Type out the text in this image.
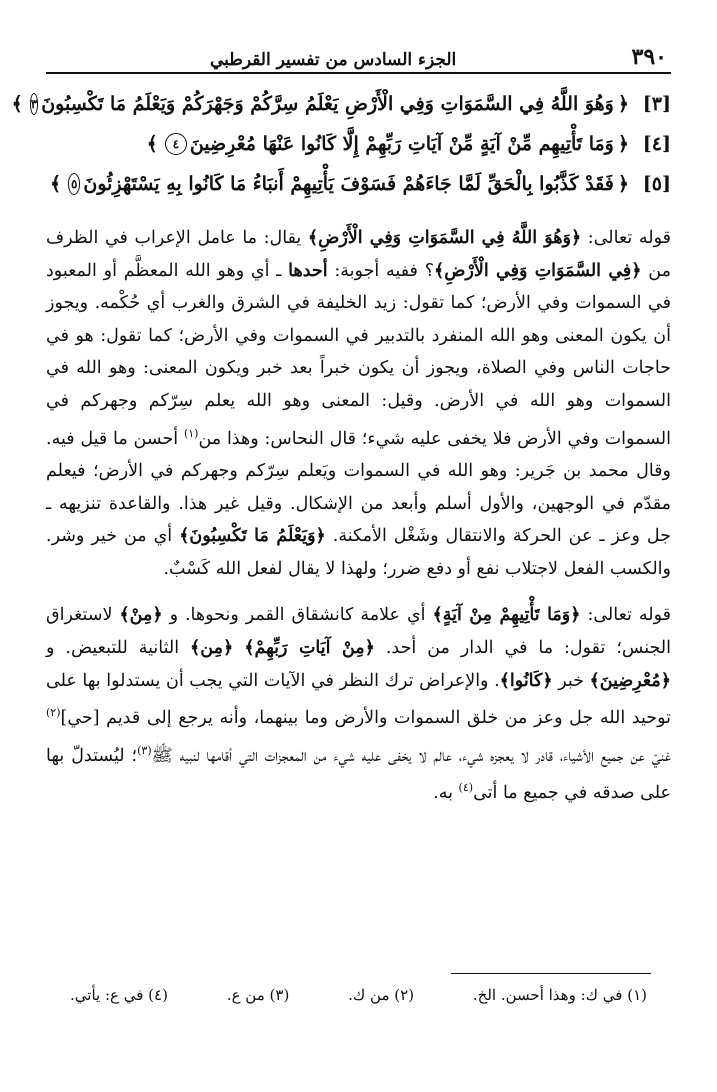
٣٩٠
الجزء السادس من تفسير القرطبي
[٣]
﴿
وَهُوَ اللَّهُ فِي السَّمَوَاتِ وَفِي الْأَرْضِ يَعْلَمُ سِرَّكُمْ وَجَهْرَكُمْ وَيَعْلَمُ مَا تَكْسِبُونَ
٣
﴾
[٤]
﴿
وَمَا تَأْتِيهِم مِّنْ آيَةٍ مِّنْ آيَاتِ رَبِّهِمْ إِلَّا كَانُوا عَنْهَا مُعْرِضِينَ
٤
﴾
[٥]
﴿
فَقَدْ كَذَّبُوا بِالْحَقِّ لَمَّا جَاءَهُمْ فَسَوْفَ يَأْتِيهِمْ أَنبَاءُ مَا كَانُوا بِهِ يَسْتَهْزِئُونَ
٥
﴾

قوله تعالى: ﴿وَهُوَ اللَّهُ فِي السَّمَوَاتِ وَفِي الْأَرْضِ﴾ يقال: ما عامل الإعراب في الظرف من ﴿فِي السَّمَوَاتِ وَفِي الْأَرْضِ﴾؟ ففيه أجوبة: أحدها ـ أي وهو الله المعظَّم أو المعبود في السموات وفي الأرض؛ كما تقول: زيد الخليفة في الشرق والغرب أي حُكْمه. ويجوز أن يكون المعنى وهو الله المنفرد بالتدبير في السموات وفي الأرض؛ كما تقول: هو في حاجات الناس وفي الصلاة، ويجوز أن يكون خبراً بعد خبر ويكون المعنى: وهو الله في السموات وهو الله في الأرض. وقيل: المعنى وهو الله يعلم سِرّكم وجهركم في السموات وفي الأرض فلا يخفى عليه شيء؛ قال النحاس: وهذا من$^{(١)}$ أحسن ما قيل فيه. وقال محمد بن جَرير: وهو الله في السموات ويَعلم سِرّكم وجهركم في الأرض؛ فيعلم مقدّم في الوجهين، والأول أسلم وأبعد من الإشكال. وقيل غير هذا. والقاعدة تنزيهه ـ جل وعز ـ عن الحركة والانتقال وشَغْل الأمكنة. ﴿وَيَعْلَمُ مَا تَكْسِبُونَ﴾ أي من خير وشر. والكسب الفعل لاجتلاب نفع أو دفع ضرر؛ ولهذا لا يقال لفعل الله كَسْبٌ.

قوله تعالى: ﴿وَمَا تَأْتِيهِمْ مِنْ آيَةٍ﴾ أي علامة كانشقاق القمر ونحوها. و ﴿مِنْ﴾ لاستغراق الجنس؛ تقول: ما في الدار من أحد. ﴿مِنْ آيَاتِ رَبِّهِمْ﴾ ﴿مِن﴾ الثانية للتبعيض. و ﴿مُعْرِضِينَ﴾ خبر ﴿كَانُوا﴾. والإعراض ترك النظر في الآيات التي يجب أن يستدلوا بها على توحيد الله جل وعز من خلق السموات والأرض وما بينهما، وأنه يرجع إلى قديم [حي]$^{(٢)}$ غنيّ عن جميع الأشياء، قادر لا يعجزه شيء، عالم لا يخفى عليه شيء من المعجزات التي أقامها لنبيه ﷺ$^{(٣)}$؛ ليُستدلّ بها على صدقه في جميع ما أتى$^{(٤)}$ به.

(١) في ك: وهذا أحسن. الخ.
(٢) من ك.
(٣) من ع.
(٤) في ع: يأتي.
